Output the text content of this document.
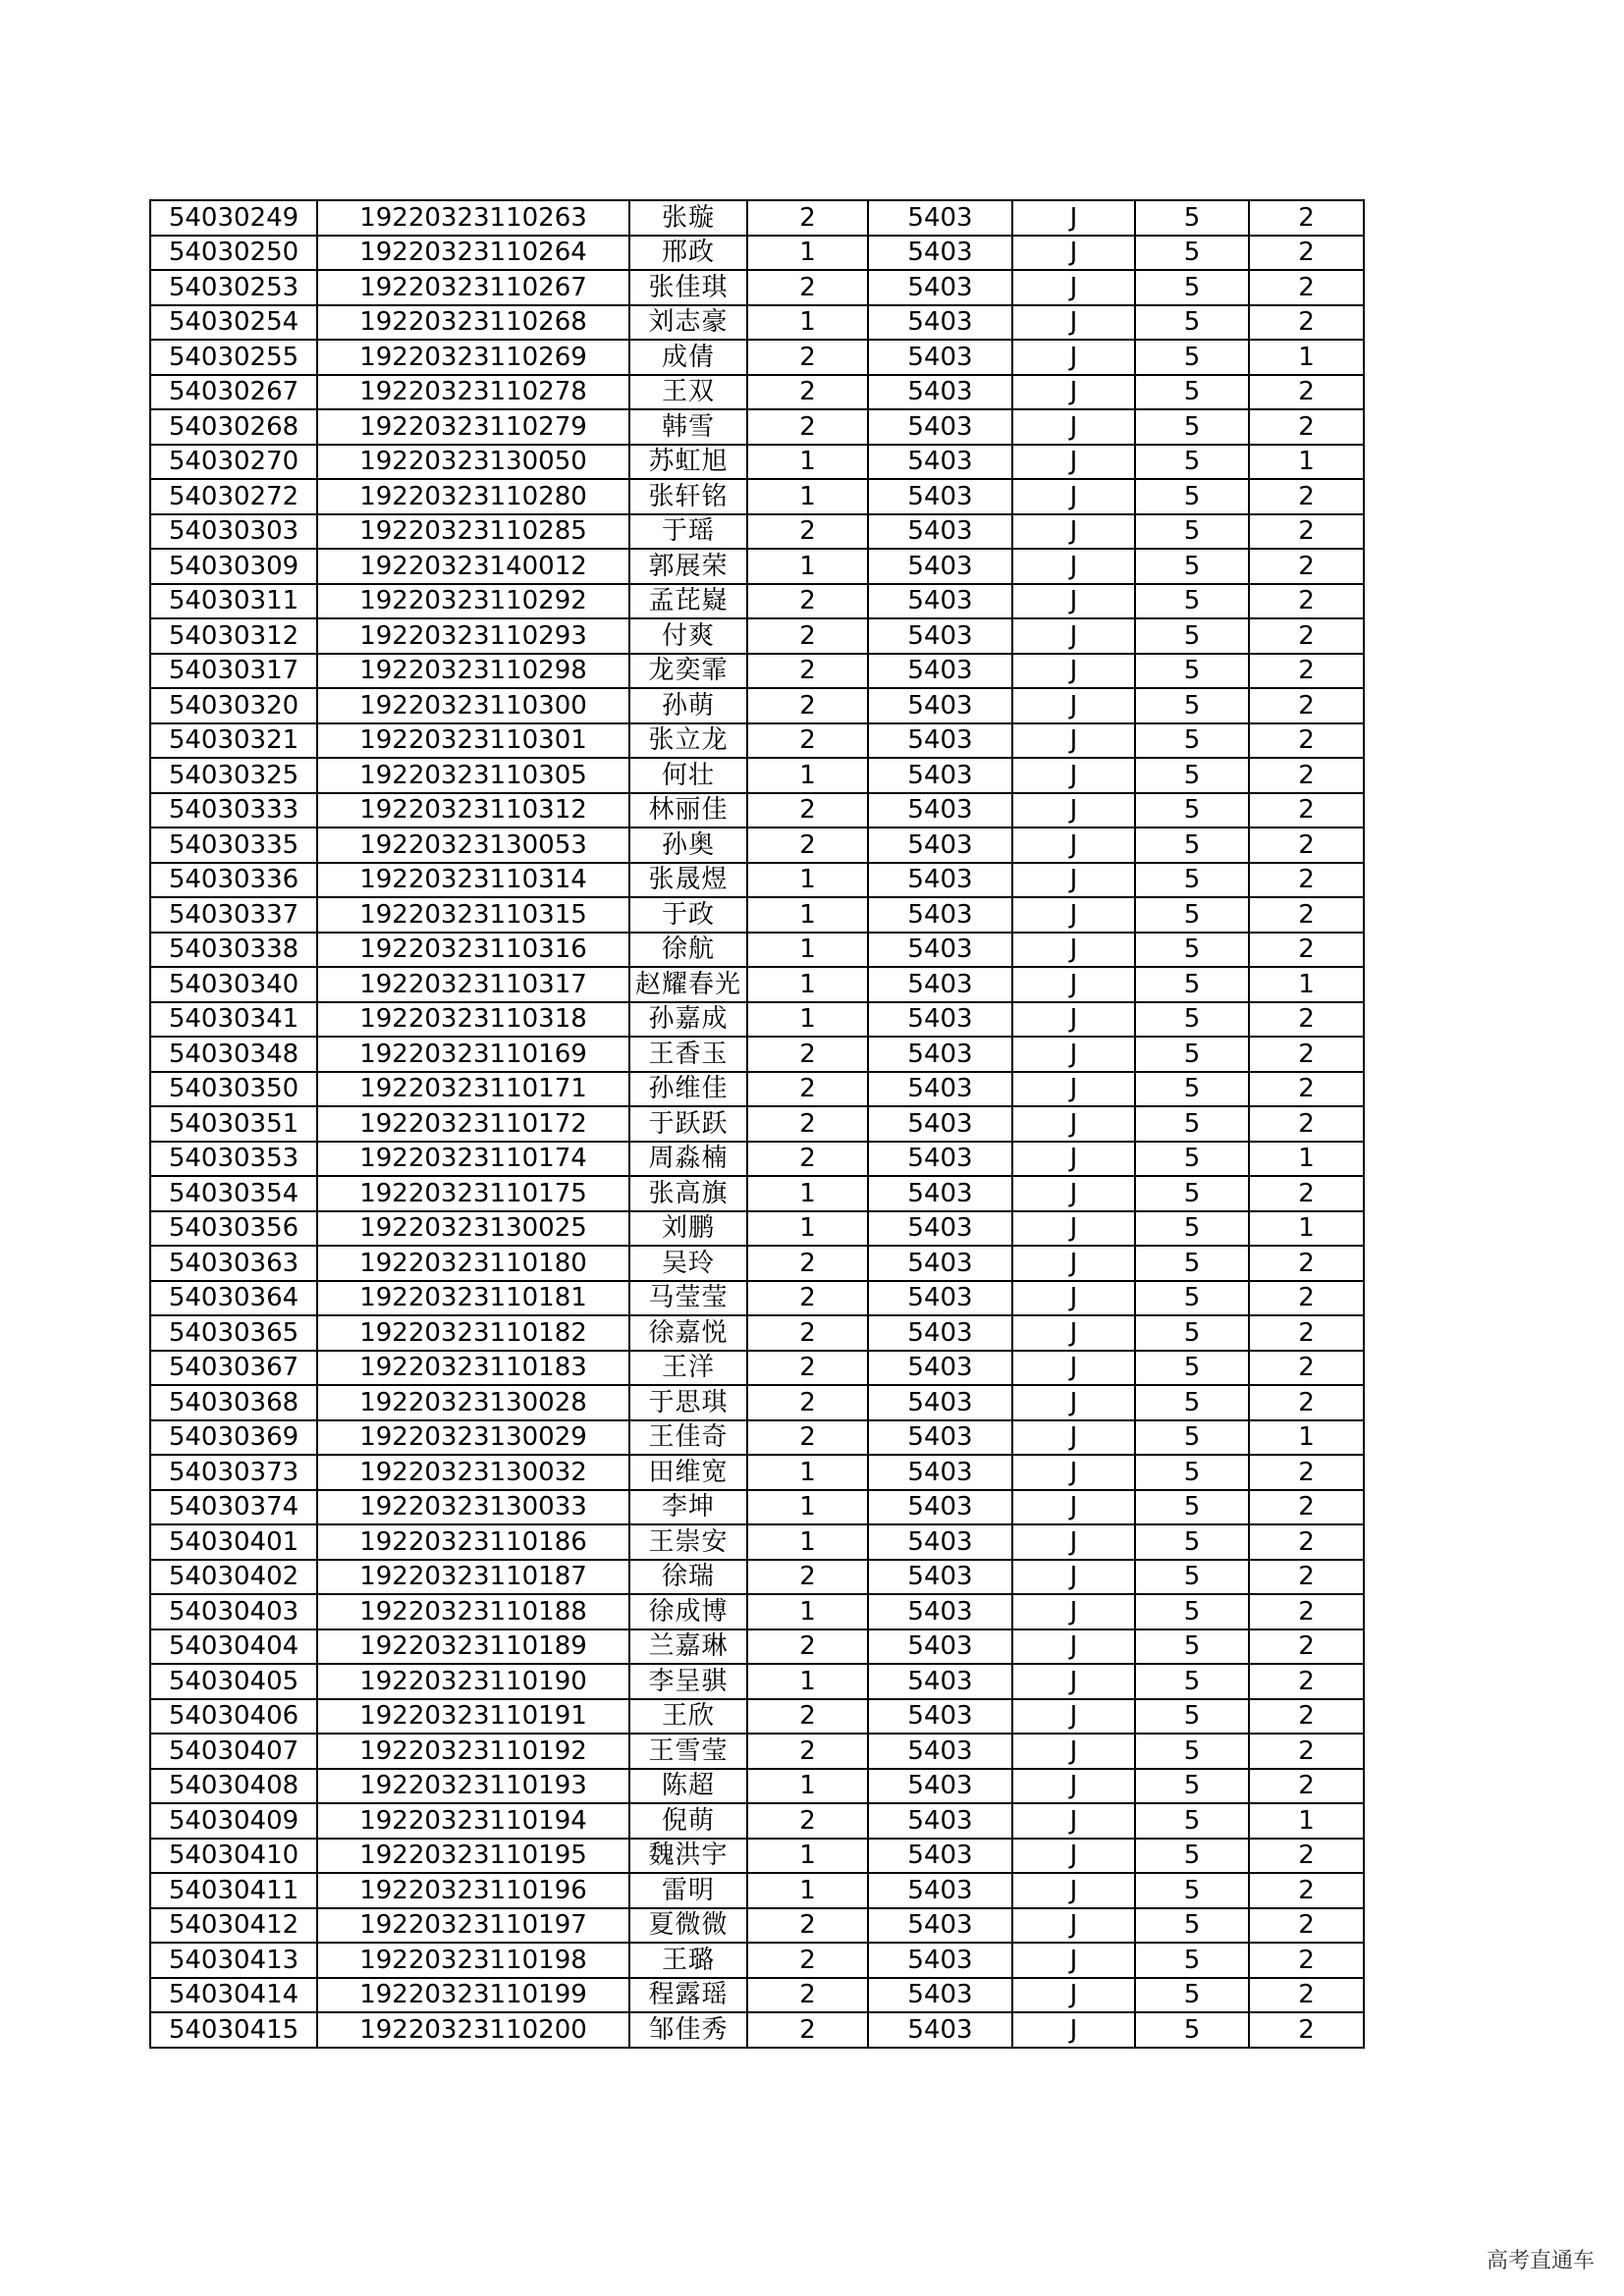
54030249	19220323110263	张璇	2	5403	J	5	2
54030250	19220323110264	邢政	1	5403	J	5	2
54030253	19220323110267	张佳琪	2	5403	J	5	2
54030254	19220323110268	刘志豪	1	5403	J	5	2
54030255	19220323110269	成倩	2	5403	J	5	1
54030267	19220323110278	王双	2	5403	J	5	2
54030268	19220323110279	韩雪	2	5403	J	5	2
54030270	19220323130050	苏虹旭	1	5403	J	5	1
54030272	19220323110280	张轩铭	1	5403	J	5	2
54030303	19220323110285	于瑶	2	5403	J	5	2
54030309	19220323140012	郭展荣	1	5403	J	5	2
54030311	19220323110292	孟芘嶷	2	5403	J	5	2
54030312	19220323110293	付爽	2	5403	J	5	2
54030317	19220323110298	龙奕霏	2	5403	J	5	2
54030320	19220323110300	孙萌	2	5403	J	5	2
54030321	19220323110301	张立龙	2	5403	J	5	2
54030325	19220323110305	何壮	1	5403	J	5	2
54030333	19220323110312	林丽佳	2	5403	J	5	2
54030335	19220323130053	孙奥	2	5403	J	5	2
54030336	19220323110314	张晟煜	1	5403	J	5	2
54030337	19220323110315	于政	1	5403	J	5	2
54030338	19220323110316	徐航	1	5403	J	5	2
54030340	19220323110317	赵耀春光	1	5403	J	5	1
54030341	19220323110318	孙嘉成	1	5403	J	5	2
54030348	19220323110169	王香玉	2	5403	J	5	2
54030350	19220323110171	孙维佳	2	5403	J	5	2
54030351	19220323110172	于跃跃	2	5403	J	5	2
54030353	19220323110174	周淼楠	2	5403	J	5	1
54030354	19220323110175	张高旗	1	5403	J	5	2
54030356	19220323130025	刘鹏	1	5403	J	5	1
54030363	19220323110180	吴玲	2	5403	J	5	2
54030364	19220323110181	马莹莹	2	5403	J	5	2
54030365	19220323110182	徐嘉悦	2	5403	J	5	2
54030367	19220323110183	王洋	2	5403	J	5	2
54030368	19220323130028	于思琪	2	5403	J	5	2
54030369	19220323130029	王佳奇	2	5403	J	5	1
54030373	19220323130032	田维宽	1	5403	J	5	2
54030374	19220323130033	李坤	1	5403	J	5	2
54030401	19220323110186	王崇安	1	5403	J	5	2
54030402	19220323110187	徐瑞	2	5403	J	5	2
54030403	19220323110188	徐成博	1	5403	J	5	2
54030404	19220323110189	兰嘉琳	2	5403	J	5	2
54030405	19220323110190	李呈骐	1	5403	J	5	2
54030406	19220323110191	王欣	2	5403	J	5	2
54030407	19220323110192	王雪莹	2	5403	J	5	2
54030408	19220323110193	陈超	1	5403	J	5	2
54030409	19220323110194	倪萌	2	5403	J	5	1
54030410	19220323110195	魏洪宇	1	5403	J	5	2
54030411	19220323110196	雷明	1	5403	J	5	2
54030412	19220323110197	夏微微	2	5403	J	5	2
54030413	19220323110198	王璐	2	5403	J	5	2
54030414	19220323110199	程露瑶	2	5403	J	5	2
54030415	19220323110200	邹佳秀	2	5403	J	5	2
高考直通车
